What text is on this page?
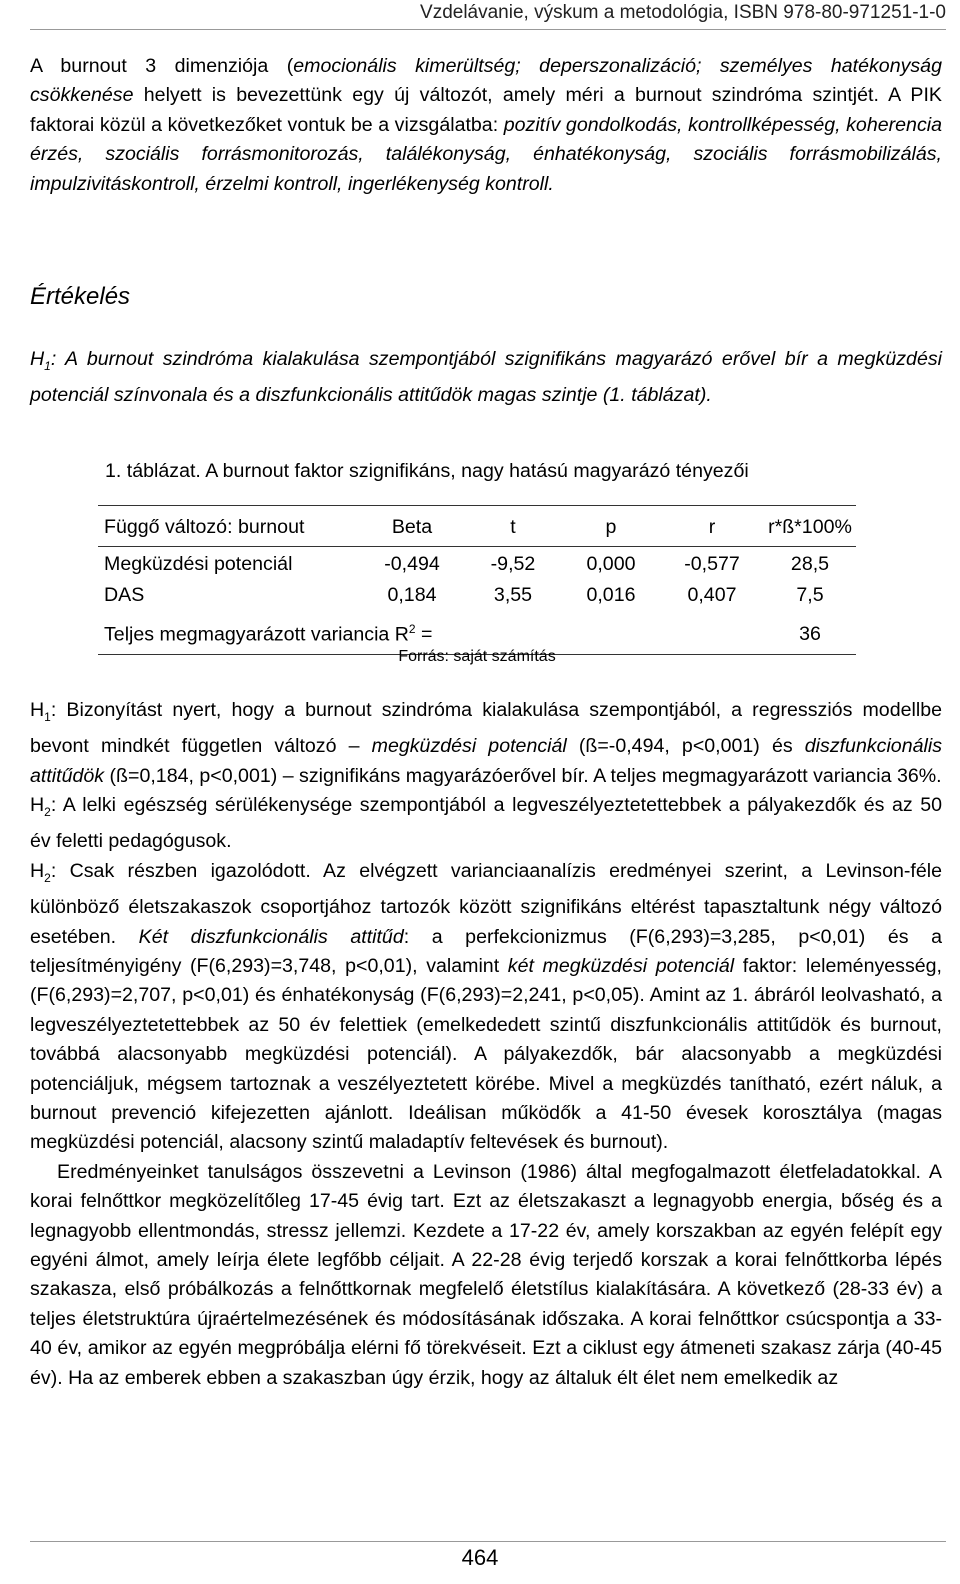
Vzdelávanie, výskum a metodológia, ISBN 978-80-971251-1-0

A burnout 3 dimenziója (emocionális kimerültség; deperszonalizáció; személyes hatékonyság csökkenése helyett is bevezettünk egy új változót, amely méri a burnout szindróma szintjét. A PIK faktorai közül a következőket vontuk be a vizsgálatba: pozitív gondolkodás, kontrollképesség, koherencia érzés, szociális forrásmonitorozás, találékonyság, énhatékonyság, szociális forrásmobilizálás, impulzivitáskontroll, érzelmi kontroll, ingerlékenység kontroll.

Értékelés

$H_1$: A burnout szindróma kialakulása szempontjából szignifikáns magyarázó erővel bír a megküzdési potenciál színvonala és a diszfunkcionális attitűdök magas szintje (1. táblázat).

1. táblázat. A burnout faktor szignifikáns, nagy hatású magyarázó tényezői
Függő változó: burnout	Beta	t	p	r	r*ß*100%
Megküzdési potenciál	-0,494	-9,52	0,000	-0,577	28,5
DAS	0,184	3,55	0,016	0,407	7,5
Teljes megmagyarázott variancia $R^2$ =					36
Forrás: saját számítás

$H_1$: Bizonyítást nyert, hogy a burnout szindróma kialakulása szempontjából, a regressziós modellbe bevont mindkét független változó – megküzdési potenciál (ß=-0,494, p<0,001) és diszfunkcionális attitűdök (ß=0,184, p<0,001) – szignifikáns magyarázóerővel bír. A teljes megmagyarázott variancia 36%.

$H_2$: A lelki egészség sérülékenysége szempontjából a legveszélyeztetettebbek a pályakezdők és az 50 év feletti pedagógusok.

$H_2$: Csak részben igazolódott. Az elvégzett varianciaanalízis eredményei szerint, a Levinson-féle különböző életszakaszok csoportjához tartozók között szignifikáns eltérést tapasztaltunk négy változó esetében. Két diszfunkcionális attitűd: a perfekcionizmus (F(6,293)=3,285, p<0,01) és a teljesítményigény (F(6,293)=3,748, p<0,01), valamint két megküzdési potenciál faktor: leleményesség, (F(6,293)=2,707, p<0,01) és énhatékonyság (F(6,293)=2,241, p<0,05). Amint az 1. ábráról leolvasható, a legveszélyeztetettebbek az 50 év felettiek (emelkededett szintű diszfunkcionális attitűdök és burnout, továbbá alacsonyabb megküzdési potenciál). A pályakezdők, bár alacsonyabb a megküzdési potenciáljuk, mégsem tartoznak a veszélyeztetett körébe. Mivel a megküzdés tanítható, ezért náluk, a burnout prevenció kifejezetten ajánlott. Ideálisan működők a 41-50 évesek korosztálya (magas megküzdési potenciál, alacsony szintű maladaptív feltevések és burnout).

Eredményeinket tanulságos összevetni a Levinson (1986) által megfogalmazott életfeladatokkal. A korai felnőttkor megközelítőleg 17-45 évig tart. Ezt az életszakaszt a legnagyobb energia, bőség és a legnagyobb ellentmondás, stressz jellemzi. Kezdete a 17-22 év, amely korszakban az egyén felépít egy egyéni álmot, amely leírja élete legfőbb céljait. A 22-28 évig terjedő korszak a korai felnőttkorba lépés szakasza, első próbálkozás a felnőttkornak megfelelő életstílus kialakítására. A következő (28-33 év) a teljes életstruktúra újraértelmezésének és módosításának időszaka. A korai felnőttkor csúcspontja a 33-40 év, amikor az egyén megpróbálja elérni fő törekvéseit. Ezt a ciklust egy átmeneti szakasz zárja (40-45 év). Ha az emberek ebben a szakaszban úgy érzik, hogy az általuk élt élet nem emelkedik az

464
